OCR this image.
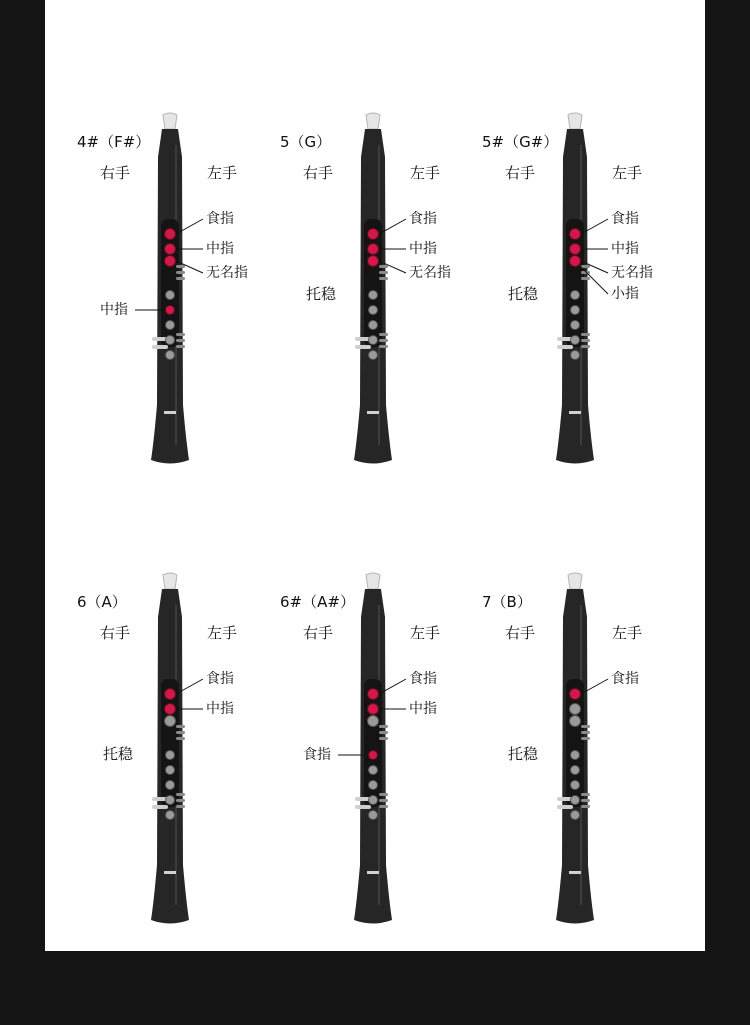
4#（F#）
右手	左手
食指
中指
无名指
中指
5（G）
右手	左手
托稳
食指
中指
无名指
5#（G#）
右手	左手
托稳
食指
中指
无名指
小指
6（A）
右手	左手
托稳
食指
中指
6#（A#）
右手	左手
食指
中指
食指
7（B）
右手	左手
托稳
食指
